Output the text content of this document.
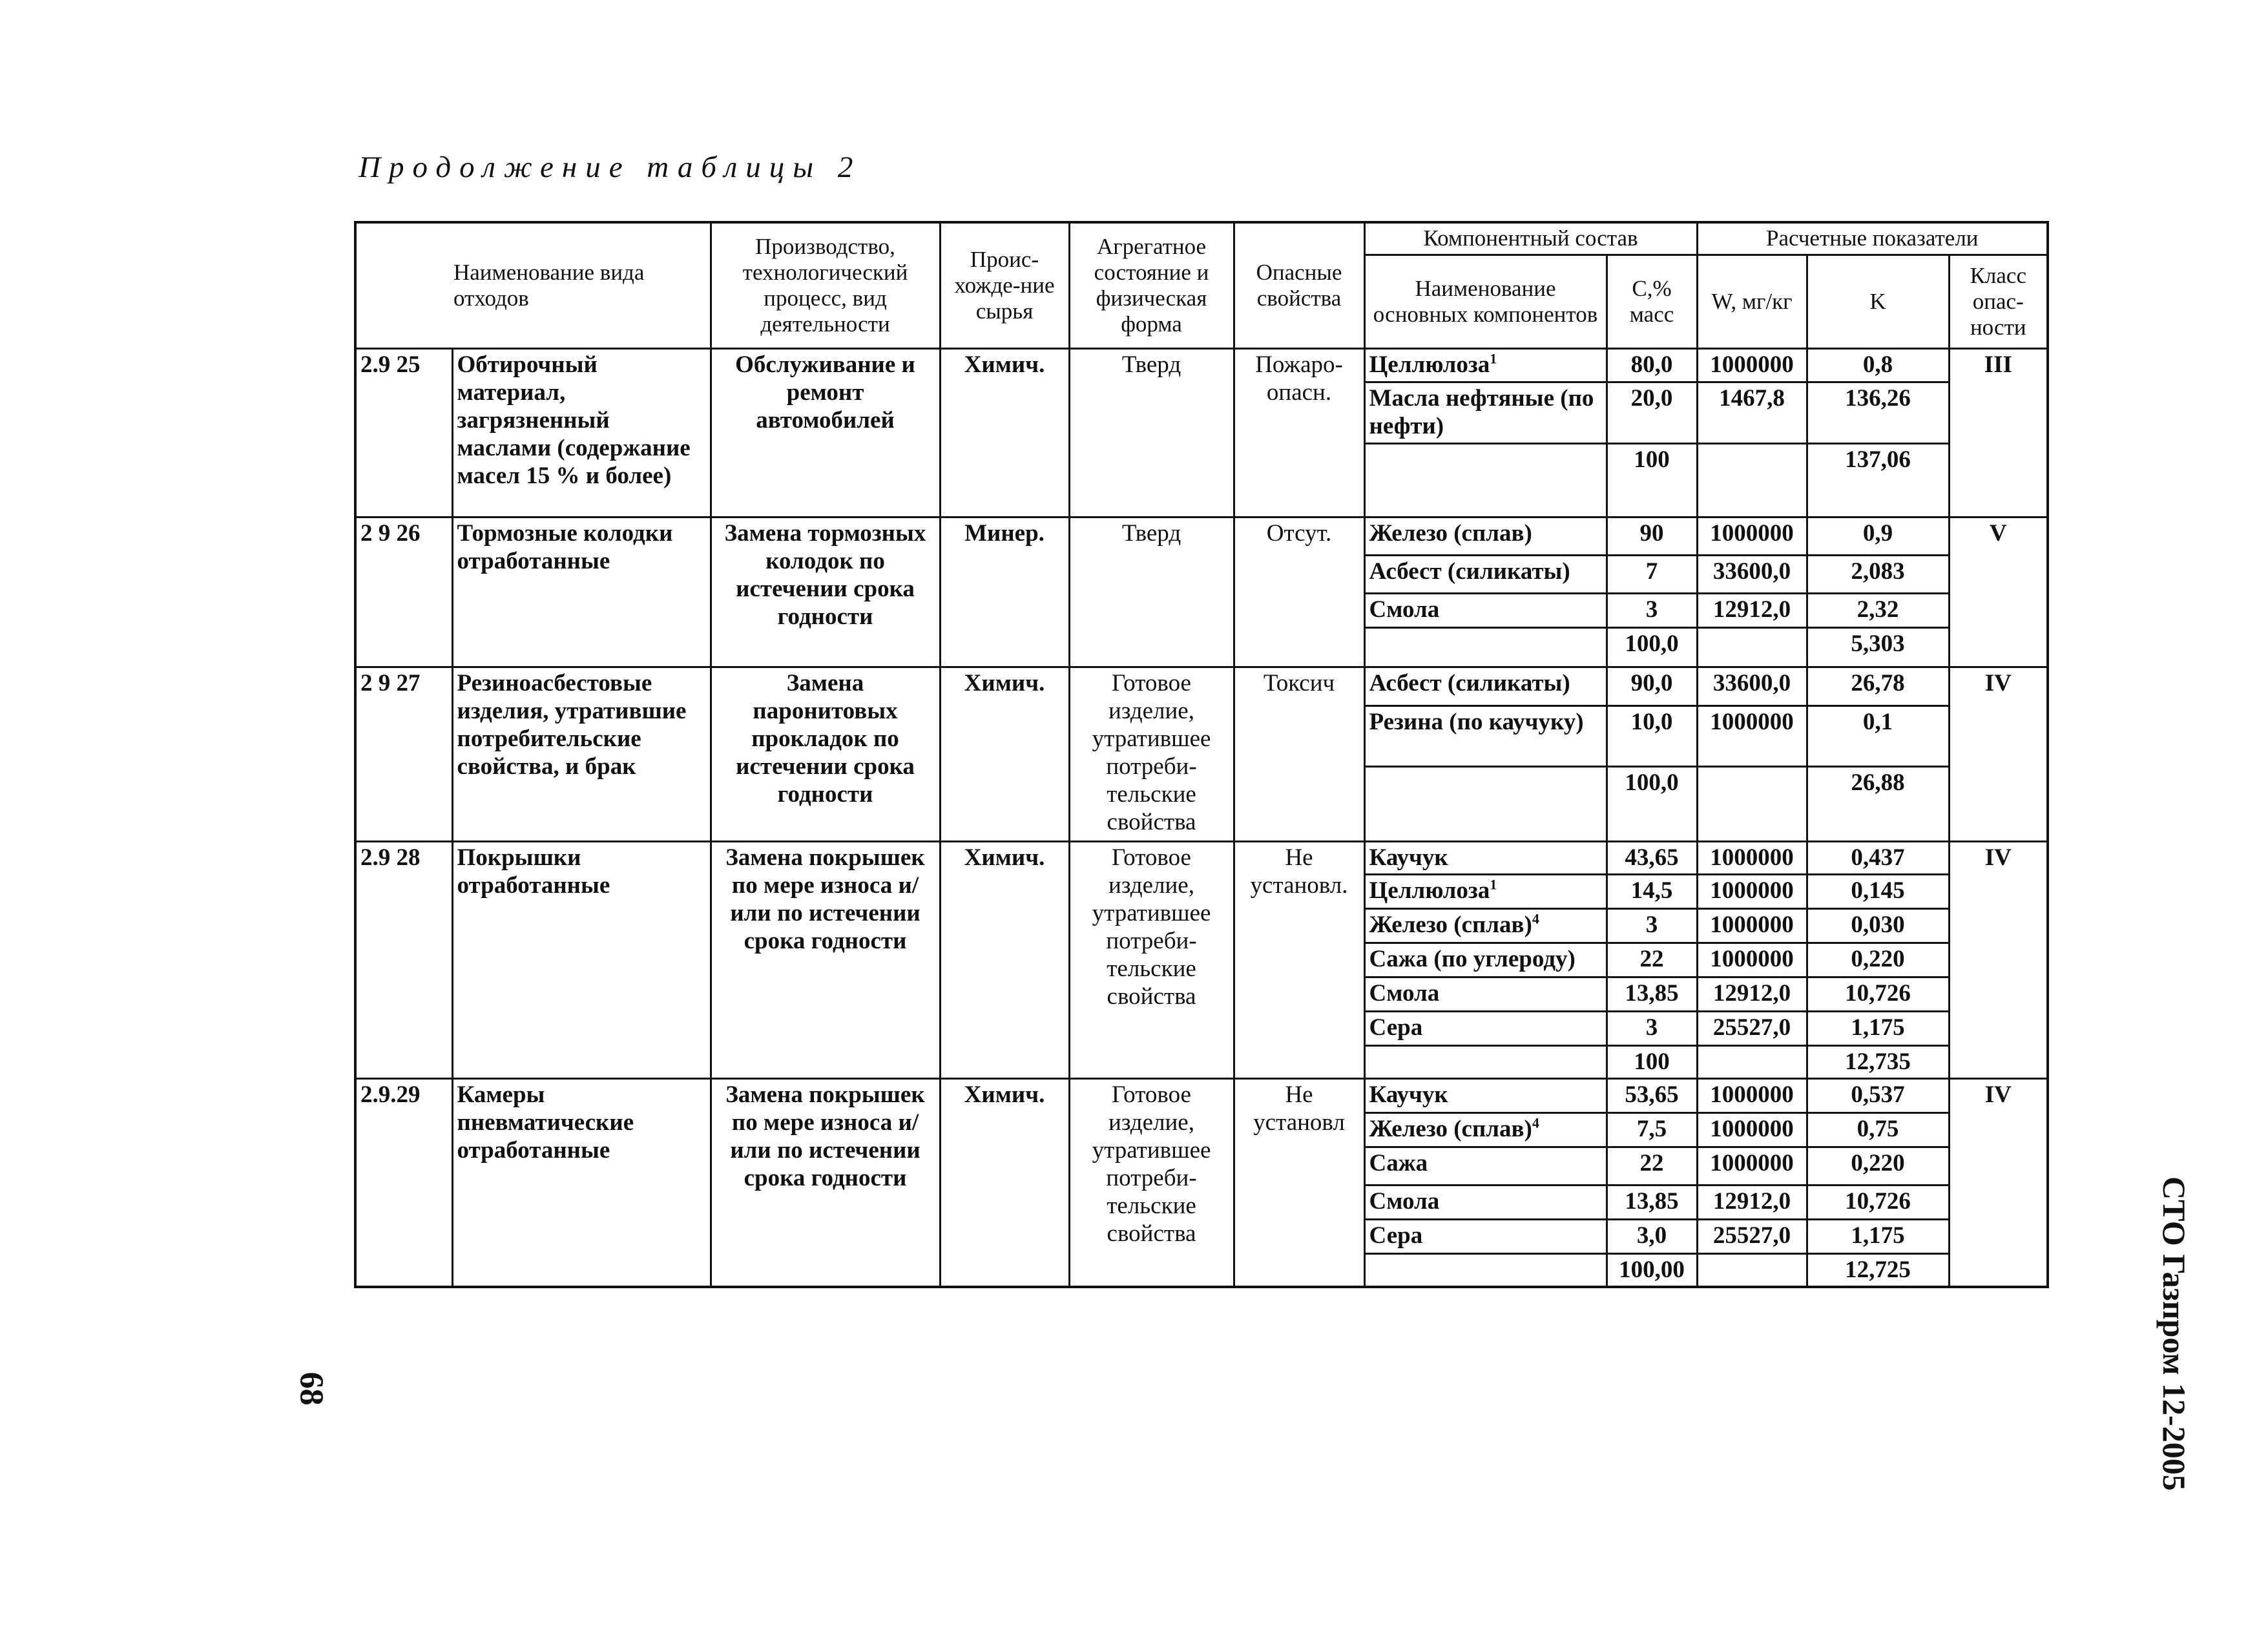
Продолжение таблицы 2
Наименование вида отходов		Производство, технологический процесс, вид деятельности	Проис-хожде-ние сырья	Агрегатное состояние и физическая форма	Опасные свойства	Компонентный состав		Расчетные показатели		
						Наименование основных компонентов	С,% масс	W, мг/кг	K	Класс опас-ности
2.9 25	Обтирочный материал, загрязненный маслами (содержание масел 15 % и более)	Обслуживание и ремонт автомобилей	Химич.	Тверд	Пожаро-опасн.	Целлюлоза$^1$	80,0	1000000	0,8	III
						Масла нефтяные (по нефти)	20,0	1467,8	136,26	
							100		137,06	
2 9 26	Тормозные колодки отработанные	Замена тормозных колодок по истечении срока годности	Минер.	Тверд	Отсут.	Железо (сплав)	90	1000000	0,9	V
						Асбест (силикаты)	7	33600,0	2,083	
						Смола	3	12912,0	2,32	
							100,0		5,303	
2 9 27	Резиноасбестовые изделия, утратившие потребительские свойства, и брак	Замена паронитовых прокладок по истечении срока годности	Химич.	Готовое изделие, утратившее потреби-тельские свойства	Токсич	Асбест (силикаты)	90,0	33600,0	26,78	IV
						Резина (по каучуку)	10,0	1000000	0,1	
							100,0		26,88	
2.9 28	Покрышки отработанные	Замена покрышек по мере износа и/или по истечении срока годности	Химич.	Готовое изделие, утратившее потреби-тельские свойства	Не установл.	Каучук	43,65	1000000	0,437	IV
						Целлюлоза$^1$	14,5	1000000	0,145	
						Железо (сплав)$^4$	3	1000000	0,030	
						Сажа (по углероду)	22	1000000	0,220	
						Смола	13,85	12912,0	10,726	
						Сера	3	25527,0	1,175	
							100		12,735	
2.9.29	Камеры пневматические отработанные	Замена покрышек по мере износа и/или по истечении срока годности	Химич.	Готовое изделие, утратившее потреби-тельские свойства	Не установл	Каучук	53,65	1000000	0,537	IV
						Железо (сплав)$^4$	7,5	1000000	0,75	
						Сажа	22	1000000	0,220	
						Смола	13,85	12912,0	10,726	
						Сера	3,0	25527,0	1,175	
							100,00		12,725	
68	СТО Газпром 12-2005
